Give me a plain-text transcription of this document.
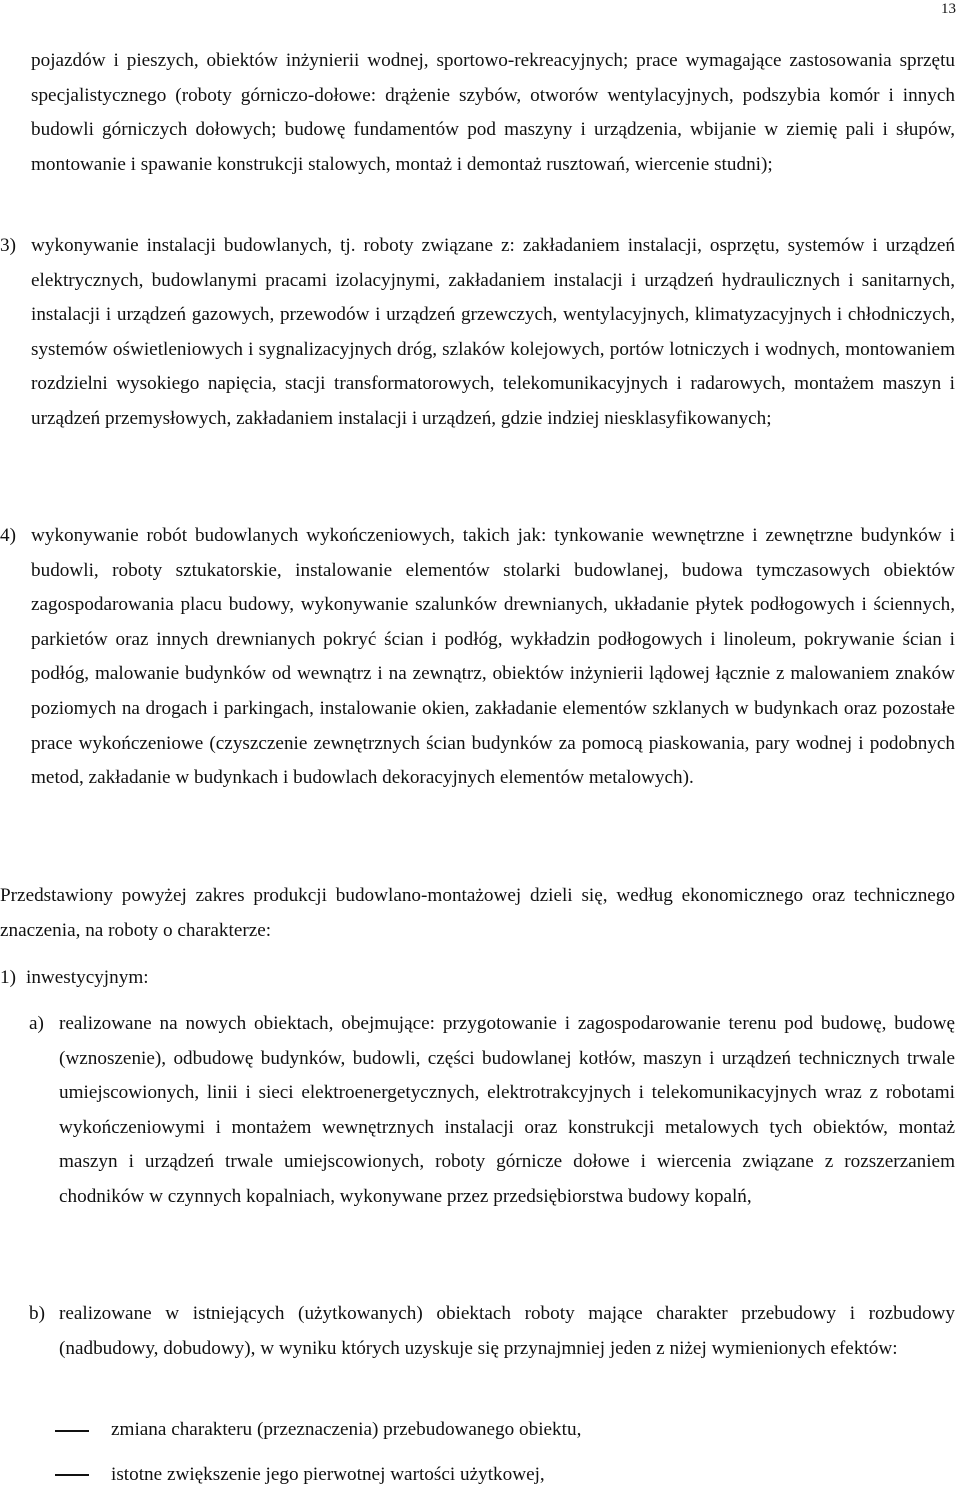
13

pojazdów i pieszych, obiektów inżynierii wodnej, sportowo-rekreacyjnych; prace wymagające zastosowania sprzętu specjalistycznego (roboty górniczo-dołowe: drążenie szybów, otworów wentylacyjnych, podszybia komór i innych budowli górniczych dołowych; budowę fundamentów pod maszyny i urządzenia, wbijanie w ziemię pali i słupów, montowanie i spawanie konstrukcji stalowych, montaż i demontaż rusztowań, wiercenie studni);

3) wykonywanie instalacji budowlanych, tj. roboty związane z: zakładaniem instalacji, osprzętu, systemów i urządzeń elektrycznych, budowlanymi pracami izolacyjnymi, zakładaniem instalacji i urządzeń hydraulicznych i sanitarnych, instalacji i urządzeń gazowych, przewodów i urządzeń grzewczych, wentylacyjnych, klimatyzacyjnych i chłodniczych, systemów oświetleniowych i sygnalizacyjnych dróg, szlaków kolejowych, portów lotniczych i wodnych, montowaniem rozdzielni wysokiego napięcia, stacji transformatorowych, telekomunikacyjnych i radarowych, montażem maszyn i urządzeń przemysłowych, zakładaniem instalacji i urządzeń, gdzie indziej niesklasyfikowanych;

4) wykonywanie robót budowlanych wykończeniowych, takich jak: tynkowanie wewnętrzne i zewnętrzne budynków i budowli, roboty sztukatorskie, instalowanie elementów stolarki budowlanej, budowa tymczasowych obiektów zagospodarowania placu budowy, wykonywanie szalunków drewnianych, układanie płytek podłogowych i ściennych, parkietów oraz innych drewnianych pokryć ścian i podłóg, wykładzin podłogowych i linoleum, pokrywanie ścian i podłóg, malowanie budynków od wewnątrz i na zewnątrz, obiektów inżynierii lądowej łącznie z malowaniem znaków poziomych na drogach i parkingach, instalowanie okien, zakładanie elementów szklanych w budynkach oraz pozostałe prace wykończeniowe (czyszczenie zewnętrznych ścian budynków za pomocą piaskowania, pary wodnej i podobnych metod, zakładanie w budynkach i budowlach dekoracyjnych elementów metalowych).

Przedstawiony powyżej zakres produkcji budowlano-montażowej dzieli się, według ekonomicznego oraz technicznego znaczenia, na roboty o charakterze:

1) inwestycyjnym:
a) realizowane na nowych obiektach, obejmujące: przygotowanie i zagospodarowanie terenu pod budowę, budowę (wznoszenie), odbudowę budynków, budowli, części budowlanej kotłów, maszyn i urządzeń technicznych trwale umiejscowionych, linii i sieci elektroenergetycznych, elektrotrakcyjnych i telekomunikacyjnych wraz z robotami wykończeniowymi i montażem wewnętrznych instalacji oraz konstrukcji metalowych tych obiektów, montaż maszyn i urządzeń trwale umiejscowionych, roboty górnicze dołowe i wiercenia związane z rozszerzaniem chodników w czynnych kopalniach, wykonywane przez przedsiębiorstwa budowy kopalń,

b) realizowane w istniejących (użytkowanych) obiektach roboty mające charakter przebudowy i rozbudowy (nadbudowy, dobudowy), w wyniku których uzyskuje się przynajmniej jeden z niżej wymienionych efektów:

zmiana charakteru (przeznaczenia) przebudowanego obiektu,
istotne zwiększenie jego pierwotnej wartości użytkowej,
